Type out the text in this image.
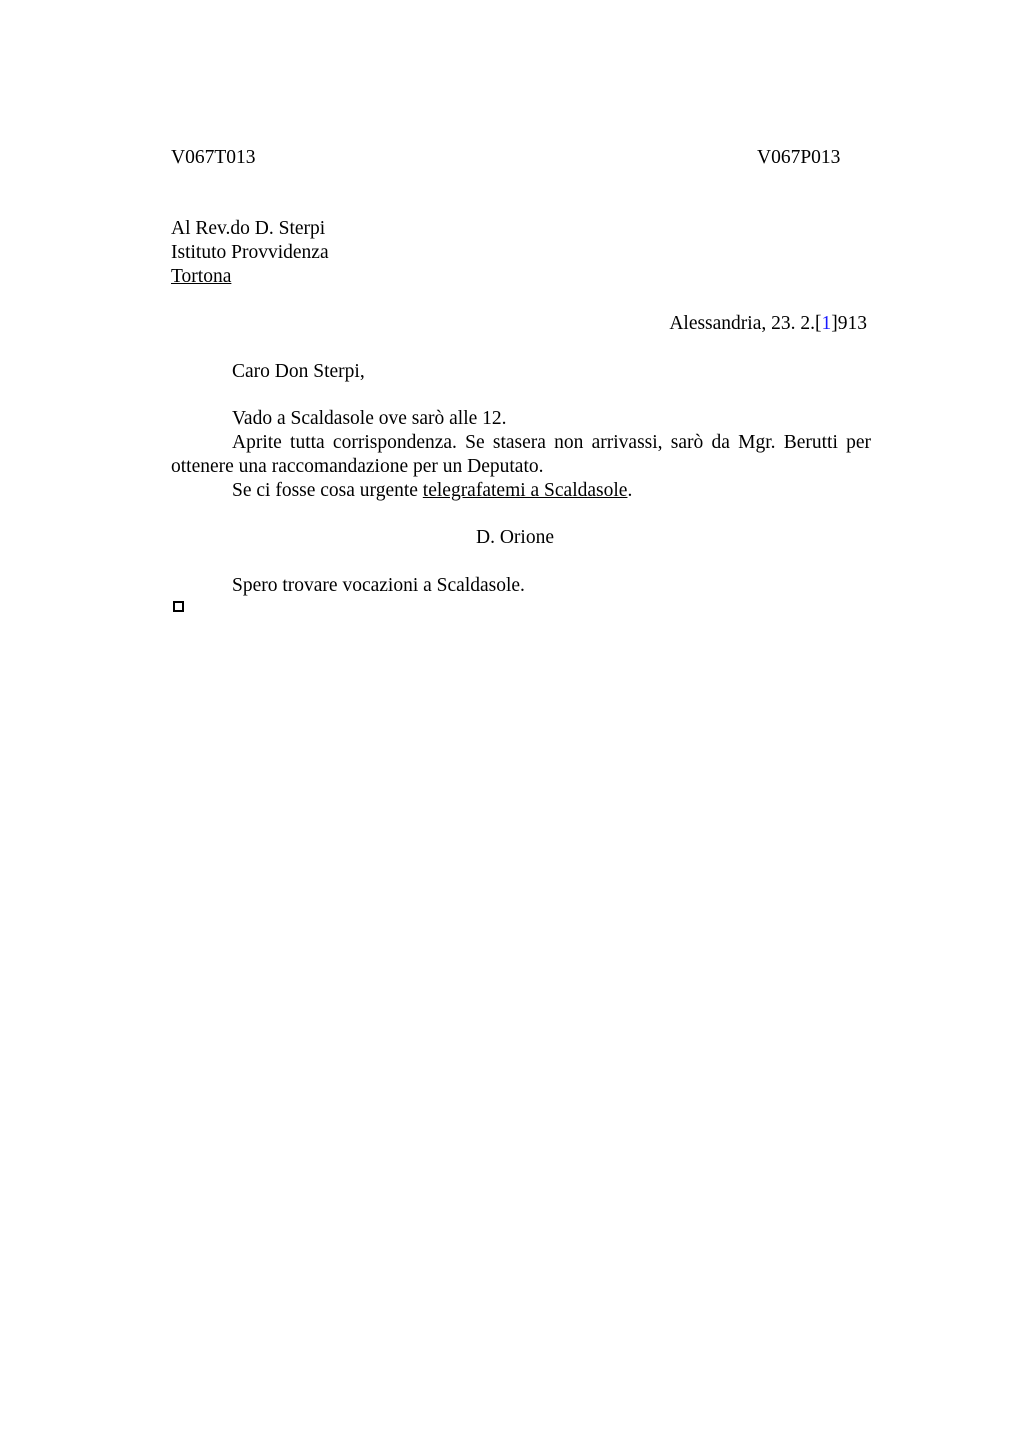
V067T013	V067P013
Al Rev.do D. Sterpi
Istituto Provvidenza
Tortona
Alessandria, 23. 2.[1]913
Caro Don Sterpi,
Vado a Scaldasole ove sarò alle 12.
Aprite tutta corrispondenza. Se stasera non arrivassi, sarò da Mgr. Berutti per ottenere una raccomandazione per un Deputato.
Se ci fosse cosa urgente telegrafatemi a Scaldasole.
D. Orione
Spero trovare vocazioni a Scaldasole.
